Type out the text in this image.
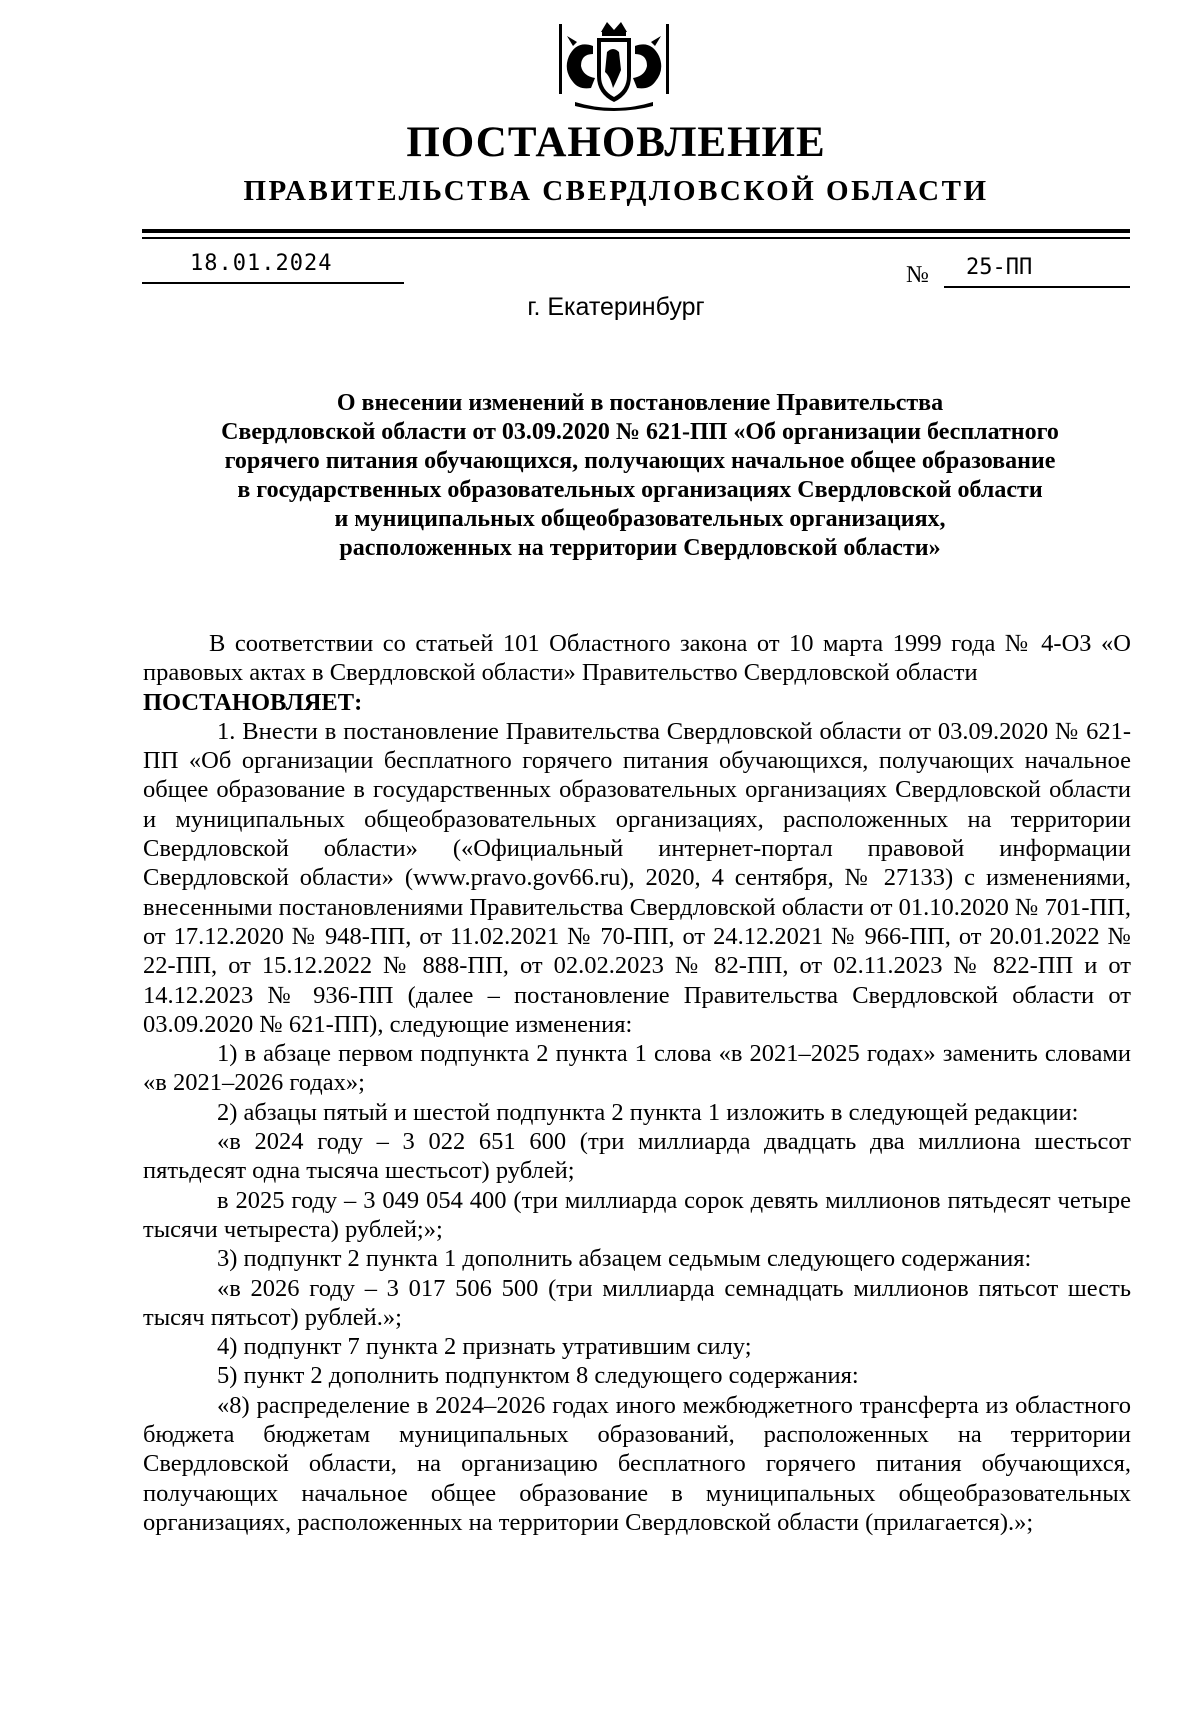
ПОСТАНОВЛЕНИЕ
ПРАВИТЕЛЬСТВА СВЕРДЛОВСКОЙ ОБЛАСТИ
18.01.2024	№ 25-ПП
г. Екатеринбург
О внесении изменений в постановление Правительства
Свердловской области от 03.09.2020 № 621-ПП «Об организации бесплатного
горячего питания обучающихся, получающих начальное общее образование
в государственных образовательных организациях Свердловской области
и муниципальных общеобразовательных организациях,
расположенных на территории Свердловской области»

В соответствии со статьей 101 Областного закона от 10 марта 1999 года № 4-ОЗ «О правовых актах в Свердловской области» Правительство Свердловской области

ПОСТАНОВЛЯЕТ:

1. Внести в постановление Правительства Свердловской области от 03.09.2020 № 621-ПП «Об организации бесплатного горячего питания обучающихся, получающих начальное общее образование в государственных образовательных организациях Свердловской области и муниципальных общеобразовательных организациях, расположенных на территории Свердловской области» («Официальный интернет-портал правовой информации Свердловской области» (www.pravo.gov66.ru), 2020, 4 сентября, № 27133) с изменениями, внесенными постановлениями Правительства Свердловской области от 01.10.2020 № 701-ПП, от 17.12.2020 № 948-ПП, от 11.02.2021 № 70-ПП, от 24.12.2021 № 966-ПП, от 20.01.2022 № 22-ПП, от 15.12.2022 № 888-ПП, от 02.02.2023 № 82-ПП, от 02.11.2023 № 822-ПП и от 14.12.2023 № 936-ПП (далее – постановление Правительства Свердловской области от 03.09.2020 № 621-ПП), следующие изменения:

1) в абзаце первом подпункта 2 пункта 1 слова «в 2021–2025 годах» заменить словами «в 2021–2026 годах»;

2) абзацы пятый и шестой подпункта 2 пункта 1 изложить в следующей редакции:

«в 2024 году – 3 022 651 600 (три миллиарда двадцать два миллиона шестьсот пятьдесят одна тысяча шестьсот) рублей;

в 2025 году – 3 049 054 400 (три миллиарда сорок девять миллионов пятьдесят четыре тысячи четыреста) рублей;»;

3) подпункт 2 пункта 1 дополнить абзацем седьмым следующего содержания:

«в 2026 году – 3 017 506 500 (три миллиарда семнадцать миллионов пятьсот шесть тысяч пятьсот) рублей.»;

4) подпункт 7 пункта 2 признать утратившим силу;

5) пункт 2 дополнить подпунктом 8 следующего содержания:

«8) распределение в 2024–2026 годах иного межбюджетного трансферта из областного бюджета бюджетам муниципальных образований, расположенных на территории Свердловской области, на организацию бесплатного горячего питания обучающихся, получающих начальное общее образование в муниципальных общеобразовательных организациях, расположенных на территории Свердловской области (прилагается).»;
